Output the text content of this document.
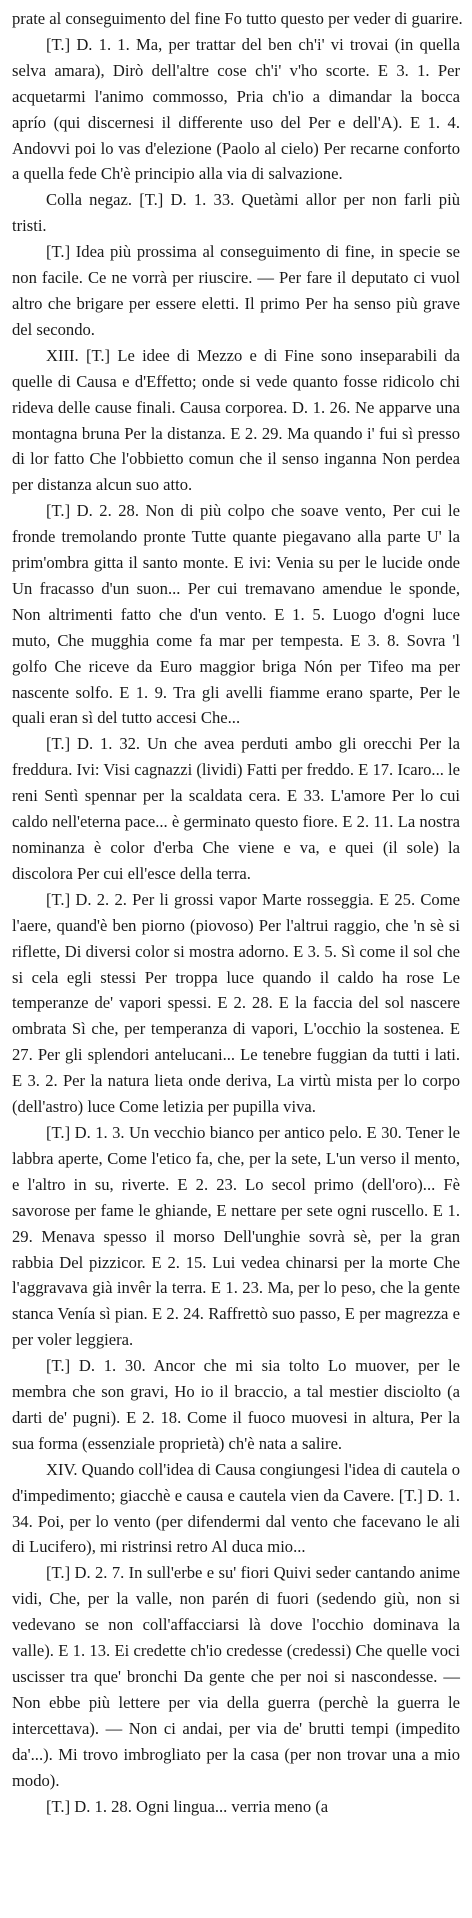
prate al conseguimento del fine Fo tutto questo per veder di guarire.

[T.] D. 1. 1. Ma, per trattar del ben ch'i' vi trovai (in quella selva amara), Dirò dell'altre cose ch'i' v'ho scorte. E 3. 1. Per acquetarmi l'animo commosso, Pria ch'io a dimandar la bocca aprío (qui discernesi il differente uso del Per e dell'A). E 1. 4. Andovvi poi lo vas d'elezione (Paolo al cielo) Per recarne conforto a quella fede Ch'è principio alla via di salvazione.

Colla negaz. [T.] D. 1. 33. Quetàmi allor per non farli più tristi.

[T.] Idea più prossima al conseguimento di fine, in specie se non facile. Ce ne vorrà per riuscire. — Per fare il deputato ci vuol altro che brigare per essere eletti. Il primo Per ha senso più grave del secondo.

XIII. [T.] Le idee di Mezzo e di Fine sono inseparabili da quelle di Causa e d'Effetto; onde si vede quanto fosse ridicolo chi rideva delle cause finali. Causa corporea. D. 1. 26. Ne apparve una montagna bruna Per la distanza. E 2. 29. Ma quando i' fui sì presso di lor fatto Che l'obbietto comun che il senso inganna Non perdea per distanza alcun suo atto.

[T.] D. 2. 28. Non di più colpo che soave vento, Per cui le fronde tremolando pronte Tutte quante piegavano alla parte U' la prim'ombra gitta il santo monte. E ivi: Venia su per le lucide onde Un fracasso d'un suon... Per cui tremavano amendue le sponde, Non altrimenti fatto che d'un vento. E 1. 5. Luogo d'ogni luce muto, Che mugghia come fa mar per tempesta. E 3. 8. Sovra 'l golfo Che riceve da Euro maggior briga Nón per Tifeo ma per nascente solfo. E 1. 9. Tra gli avelli fiamme erano sparte, Per le quali eran sì del tutto accesi Che...

[T.] D. 1. 32. Un che avea perduti ambo gli orecchi Per la freddura. Ivi: Visi cagnazzi (lividi) Fatti per freddo. E 17. Icaro... le reni Sentì spennar per la scaldata cera. E 33. L'amore Per lo cui caldo nell'eterna pace... è germinato questo fiore. E 2. 11. La nostra nominanza è color d'erba Che viene e va, e quei (il sole) la discolora Per cui ell'esce della terra.

[T.] D. 2. 2. Per li grossi vapor Marte rosseggia. E 25. Come l'aere, quand'è ben piorno (piovoso) Per l'altrui raggio, che 'n sè si riflette, Di diversi color si mostra adorno. E 3. 5. Sì come il sol che si cela egli stessi Per troppa luce quando il caldo ha rose Le temperanze de' vapori spessi. E 2. 28. E la faccia del sol nascere ombrata Sì che, per temperanza di vapori, L'occhio la sostenea. E 27. Per gli splendori antelucani... Le tenebre fuggian da tutti i lati. E 3. 2. Per la natura lieta onde deriva, La virtù mista per lo corpo (dell'astro) luce Come letizia per pupilla viva.

[T.] D. 1. 3. Un vecchio bianco per antico pelo. E 30. Tener le labbra aperte, Come l'etico fa, che, per la sete, L'un verso il mento, e l'altro in su, riverte. E 2. 23. Lo secol primo (dell'oro)... Fè savorose per fame le ghiande, E nettare per sete ogni ruscello. E 1. 29. Menava spesso il morso Dell'unghie sovrà sè, per la gran rabbia Del pizzicor. E 2. 15. Lui vedea chinarsi per la morte Che l'aggravava già invêr la terra. E 1. 23. Ma, per lo peso, che la gente stanca Venía sì pian. E 2. 24. Raffrettò suo passo, E per magrezza e per voler leggiera.

[T.] D. 1. 30. Ancor che mi sia tolto Lo muover, per le membra che son gravi, Ho io il braccio, a tal mestier disciolto (a darti de' pugni). E 2. 18. Come il fuoco muovesi in altura, Per la sua forma (essenziale proprietà) ch'è nata a salire.

XIV. Quando coll'idea di Causa congiungesi l'idea di cautela o d'impedimento; giacchè e causa e cautela vien da Cavere. [T.] D. 1. 34. Poi, per lo vento (per difendermi dal vento che facevano le ali di Lucifero), mi ristrinsi retro Al duca mio...

[T.] D. 2. 7. In sull'erbe e su' fiori Quivi seder cantando anime vidi, Che, per la valle, non parén di fuori (sedendo giù, non si vedevano se non coll'affacciarsi là dove l'occhio dominava la valle). E 1. 13. Ei credette ch'io credesse (credessi) Che quelle voci uscisser tra que' bronchi Da gente che per noi si nascondesse. — Non ebbe più lettere per via della guerra (perchè la guerra le intercettava). — Non ci andai, per via de' brutti tempi (impedito da'...). Mi trovo imbrogliato per la casa (per non trovar una a mio modo).

[T.] D. 1. 28. Ogni lingua... verria meno (a
